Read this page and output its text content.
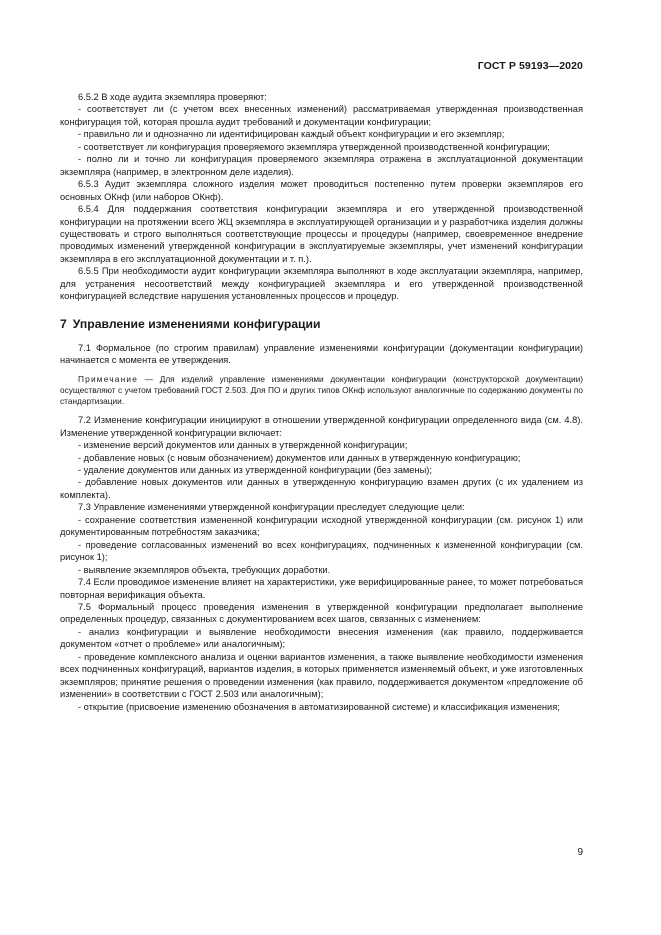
ГОСТ Р 59193—2020

6.5.2 В ходе аудита экземпляра проверяют:

- соответствует ли (с учетом всех внесенных изменений) рассматриваемая утвержденная производственная конфигурация той, которая прошла аудит требований и документации конфигурации;

- правильно ли и однозначно ли идентифицирован каждый объект конфигурации и его экземпляр;

- соответствует ли конфигурация проверяемого экземпляра утвержденной производственной конфигурации;

- полно ли и точно ли конфигурация проверяемого экземпляра отражена в эксплуатационной документации экземпляра (например, в электронном деле изделия).

6.5.3 Аудит экземпляра сложного изделия может проводиться постепенно путем проверки экземпляров его основных ОКнф (или наборов ОКнф).

6.5.4 Для поддержания соответствия конфигурации экземпляра и его утвержденной производственной конфигурации на протяжении всего ЖЦ экземпляра в эксплуатирующей организации и у разработчика изделия должны существовать и строго выполняться соответствующие процессы и процедуры (например, своевременное внедрение проводимых изменений утвержденной конфигурации в эксплуатируемые экземпляры, учет изменений конфигурации экземпляра в его эксплуатационной документации и т. п.).

6.5.5 При необходимости аудит конфигурации экземпляра выполняют в ходе эксплуатации экземпляра, например, для устранения несоответствий между конфигурацией экземпляра и его утвержденной производственной конфигурацией вследствие нарушения установленных процессов и процедур.

7 Управление изменениями конфигурации

7.1 Формальное (по строгим правилам) управление изменениями конфигурации (документации конфигурации) начинается с момента ее утверждения.

Примечание — Для изделий управление изменениями документации конфигурации (конструкторской документации) осуществляют с учетом требований ГОСТ 2.503. Для ПО и других типов ОКнф используют аналогичные по содержанию документы по стандартизации.

7.2 Изменение конфигурации инициируют в отношении утвержденной конфигурации определенного вида (см. 4.8). Изменение утвержденной конфигурации включает:

- изменение версий документов или данных в утвержденной конфигурации;

- добавление новых (с новым обозначением) документов или данных в утвержденную конфигурацию;

- удаление документов или данных из утвержденной конфигурации (без замены);

- добавление новых документов или данных в утвержденную конфигурацию взамен других (с их удалением из комплекта).

7.3 Управление изменениями утвержденной конфигурации преследует следующие цели:

- сохранение соответствия измененной конфигурации исходной утвержденной конфигурации (см. рисунок 1) или документированным потребностям заказчика;

- проведение согласованных изменений во всех конфигурациях, подчиненных к измененной конфигурации (см. рисунок 1);

- выявление экземпляров объекта, требующих доработки.

7.4 Если проводимое изменение влияет на характеристики, уже верифицированные ранее, то может потребоваться повторная верификация объекта.

7.5 Формальный процесс проведения изменения в утвержденной конфигурации предполагает выполнение определенных процедур, связанных с документированием всех шагов, связанных с изменением:

- анализ конфигурации и выявление необходимости внесения изменения (как правило, поддерживается документом «отчет о проблеме» или аналогичным);

- проведение комплексного анализа и оценки вариантов изменения, а также выявление необходимости изменения всех подчиненных конфигураций, вариантов изделия, в которых применяется изменяемый объект, и уже изготовленных экземпляров; принятие решения о проведении изменения (как правило, поддерживается документом «предложение об изменении» в соответствии с ГОСТ 2.503 или аналогичным);

- открытие (присвоение изменению обозначения в автоматизированной системе) и классификация изменения;

9
